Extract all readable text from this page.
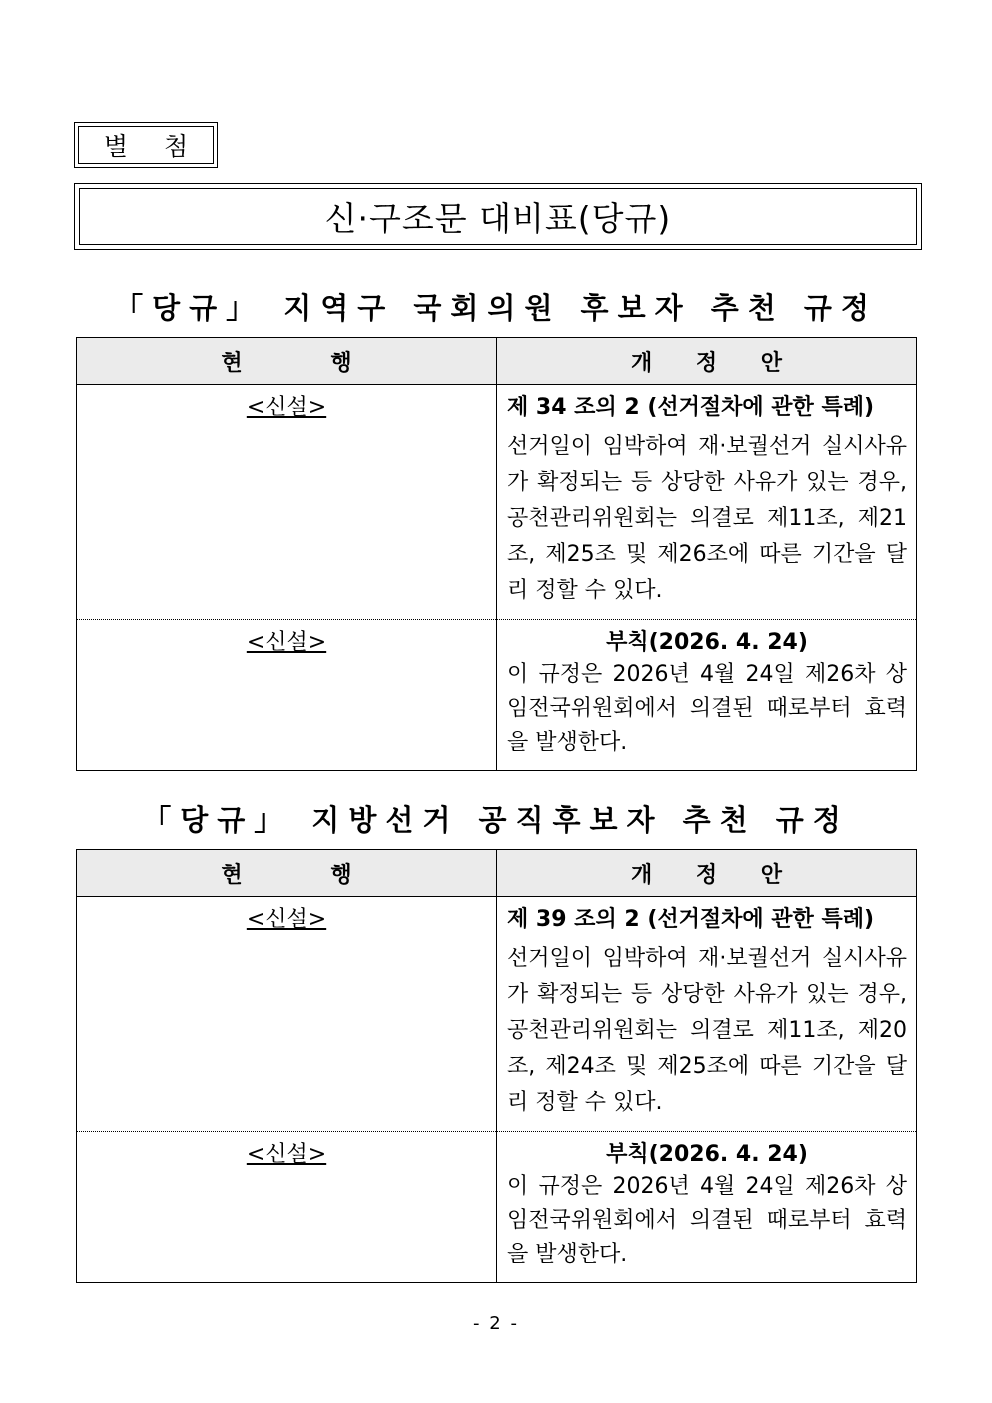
별 첨
신·구조문 대비표(당규)
「당규」 지역구 국회의원 후보자 추천 규정
현 행	개 정 안
<신설>	제 34 조의 2 (선거절차에 관한 특례)
선거일이 임박하여 재·보궐선거 실시사유가 확정되는 등 상당한 사유가 있는 경우, 공천관리위원회는 의결로 제11조, 제21조, 제25조 및 제26조에 따른 기간을 달리 정할 수 있다.

<신설>	부칙(2026. 4. 24)
이 규정은 2026년 4월 24일 제26차 상임전국위원회에서 의결된 때로부터 효력을 발생한다.
「당규」 지방선거 공직후보자 추천 규정
현 행	개 정 안
<신설>	제 39 조의 2 (선거절차에 관한 특례)
선거일이 임박하여 재·보궐선거 실시사유가 확정되는 등 상당한 사유가 있는 경우, 공천관리위원회는 의결로 제11조, 제20조, 제24조 및 제25조에 따른 기간을 달리 정할 수 있다.

<신설>	부칙(2026. 4. 24)
이 규정은 2026년 4월 24일 제26차 상임전국위원회에서 의결된 때로부터 효력을 발생한다.
- 2 -
